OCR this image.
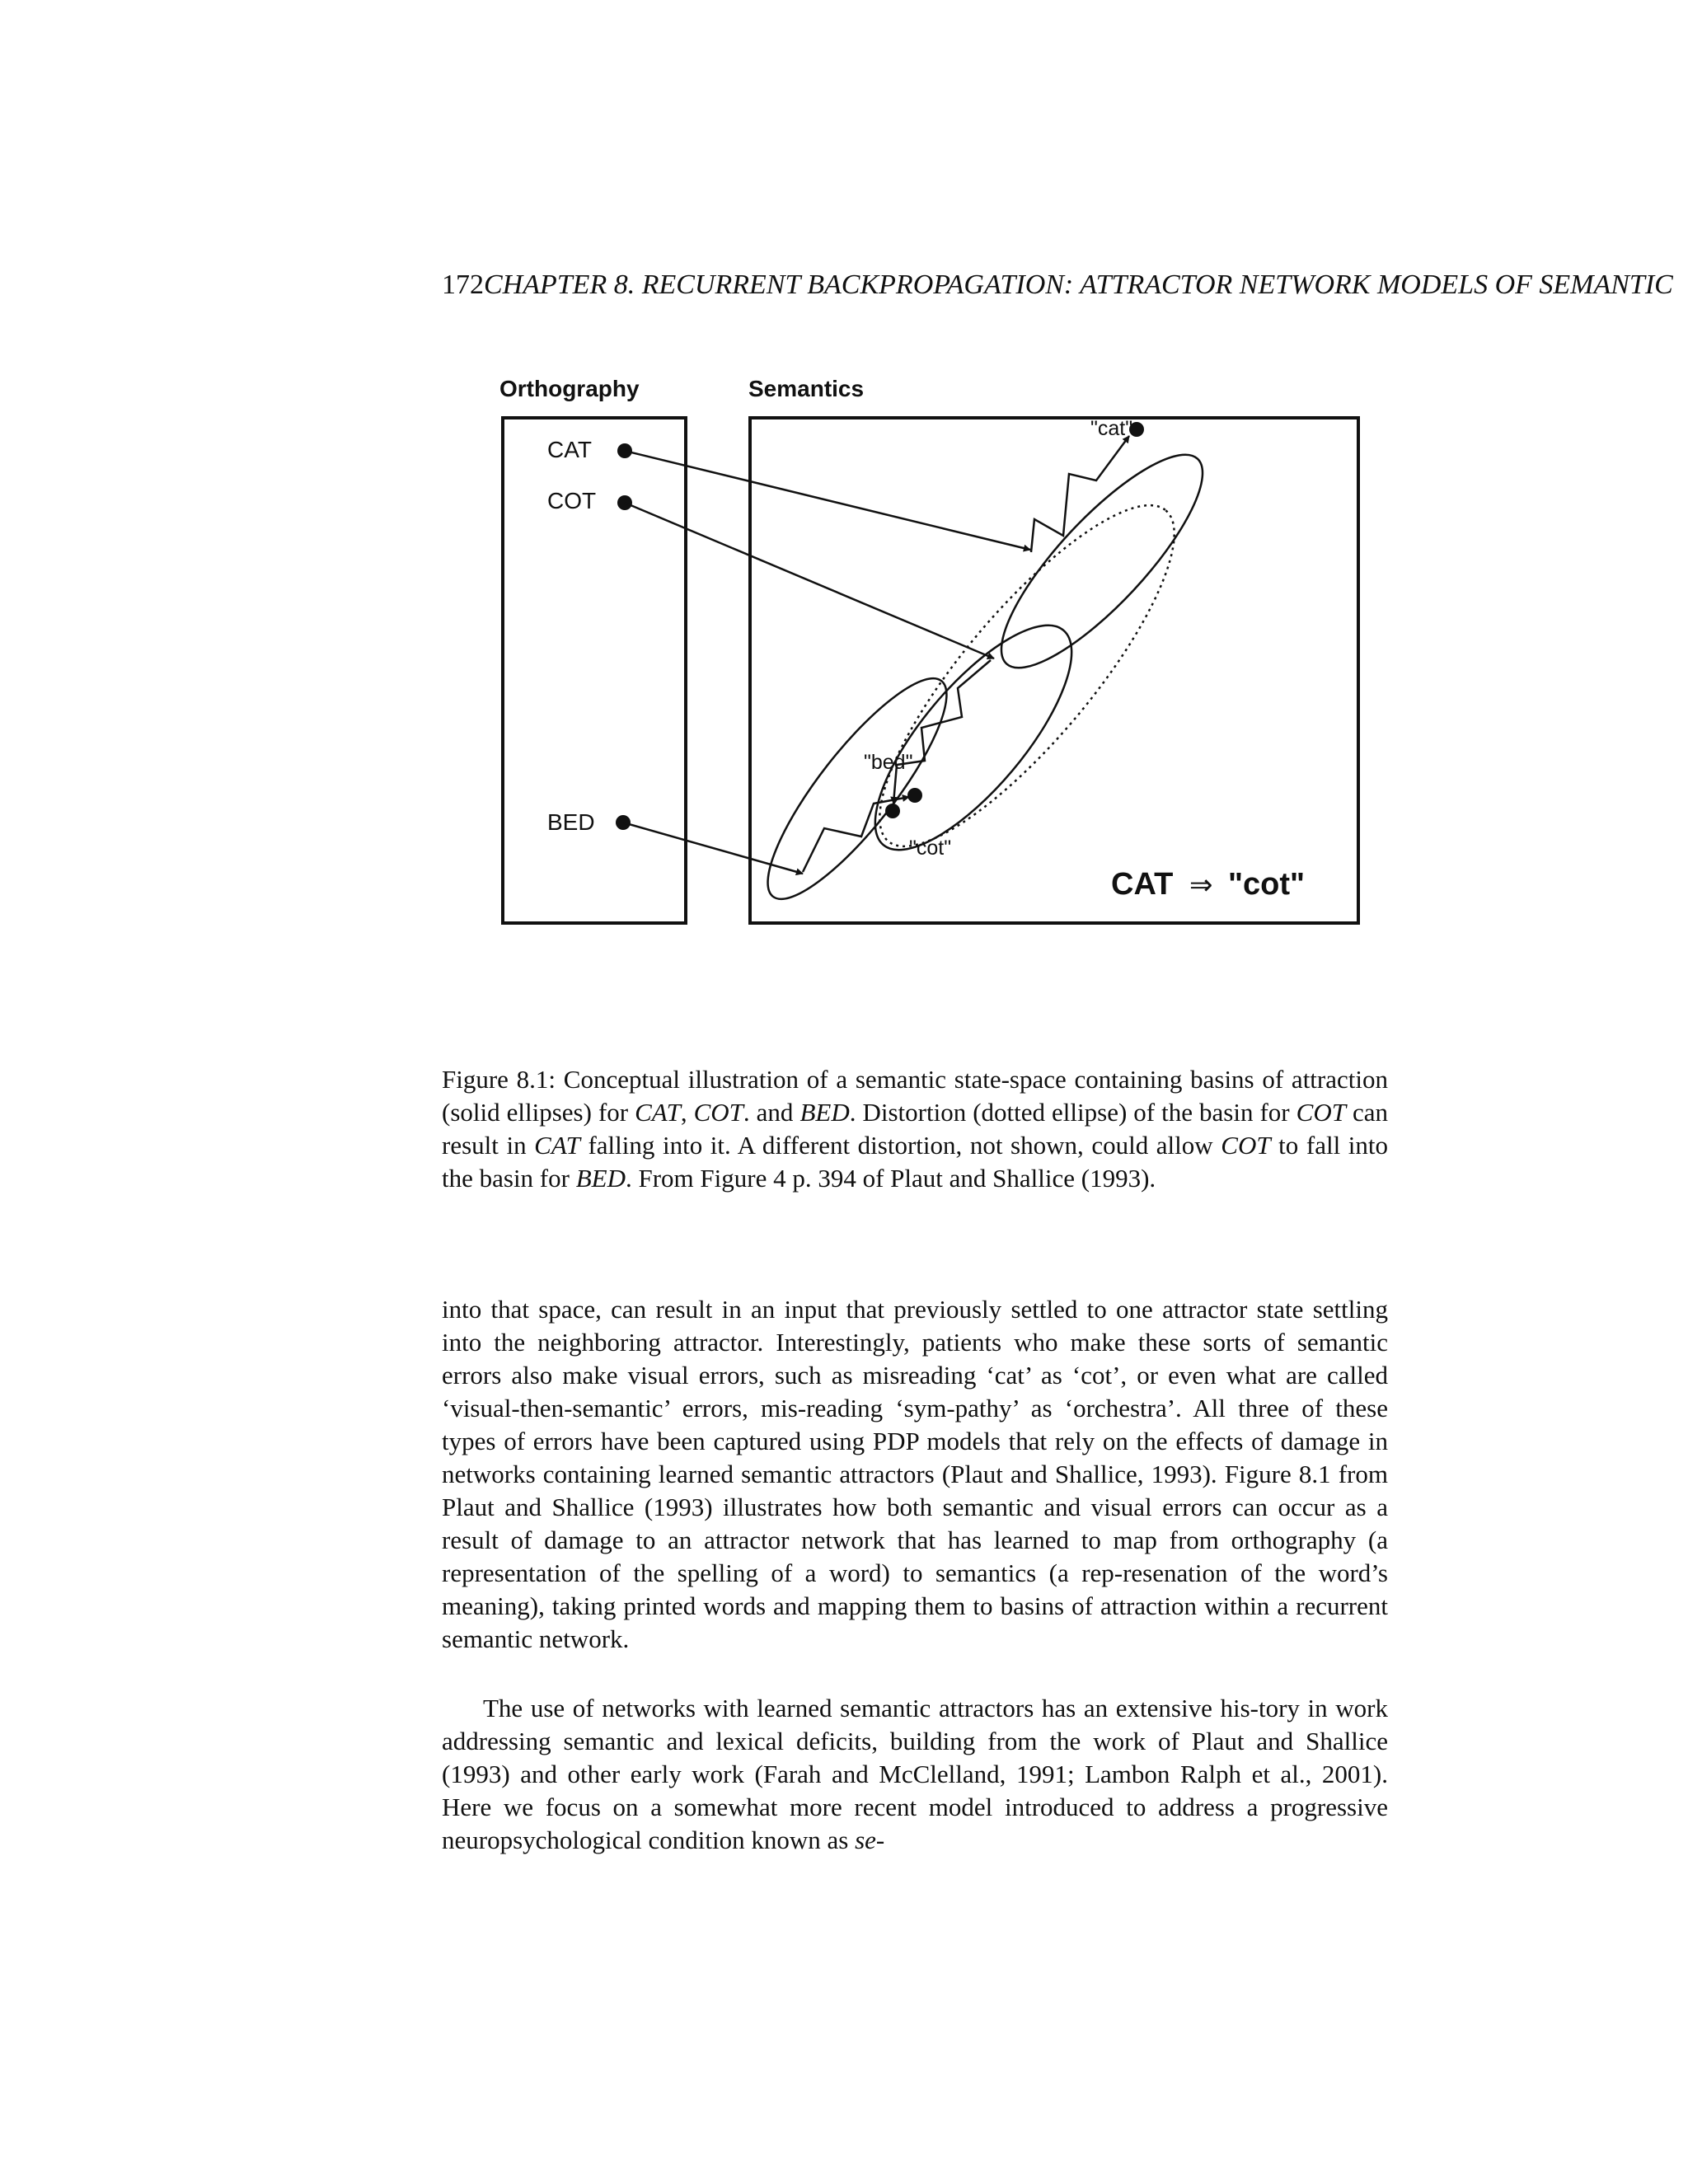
172CHAPTER 8. RECURRENT BACKPROPAGATION: ATTRACTOR NETWORK MODELS OF SEMANTIC
Orthography	Semantics
CAT
COT
BED
"cat"
"bed"
"cot"
CAT ⇒ "cot"

Figure 8.1: Conceptual illustration of a semantic state-space containing basins of attraction (solid ellipses) for CAT, COT. and BED. Distortion (dotted ellipse) of the basin for COT can result in CAT falling into it. A different distortion, not shown, could allow COT to fall into the basin for BED. From Figure 4 p. 394 of Plaut and Shallice (1993).

into that space, can result in an input that previously settled to one attractor state settling into the neighboring attractor. Interestingly, patients who make these sorts of semantic errors also make visual errors, such as misreading ‘cat’ as ‘cot’, or even what are called ‘visual-then-semantic’ errors, mis-reading ‘sym-pathy’ as ‘orchestra’. All three of these types of errors have been captured using PDP models that rely on the effects of damage in networks containing learned semantic attractors (Plaut and Shallice, 1993). Figure 8.1 from Plaut and Shallice (1993) illustrates how both semantic and visual errors can occur as a result of damage to an attractor network that has learned to map from orthography (a representation of the spelling of a word) to semantics (a rep-resenation of the word’s meaning), taking printed words and mapping them to basins of attraction within a recurrent semantic network.

The use of networks with learned semantic attractors has an extensive his-tory in work addressing semantic and lexical deficits, building from the work of Plaut and Shallice (1993) and other early work (Farah and McClelland, 1991; Lambon Ralph et al., 2001). Here we focus on a somewhat more recent model introduced to address a progressive neuropsychological condition known as se-
